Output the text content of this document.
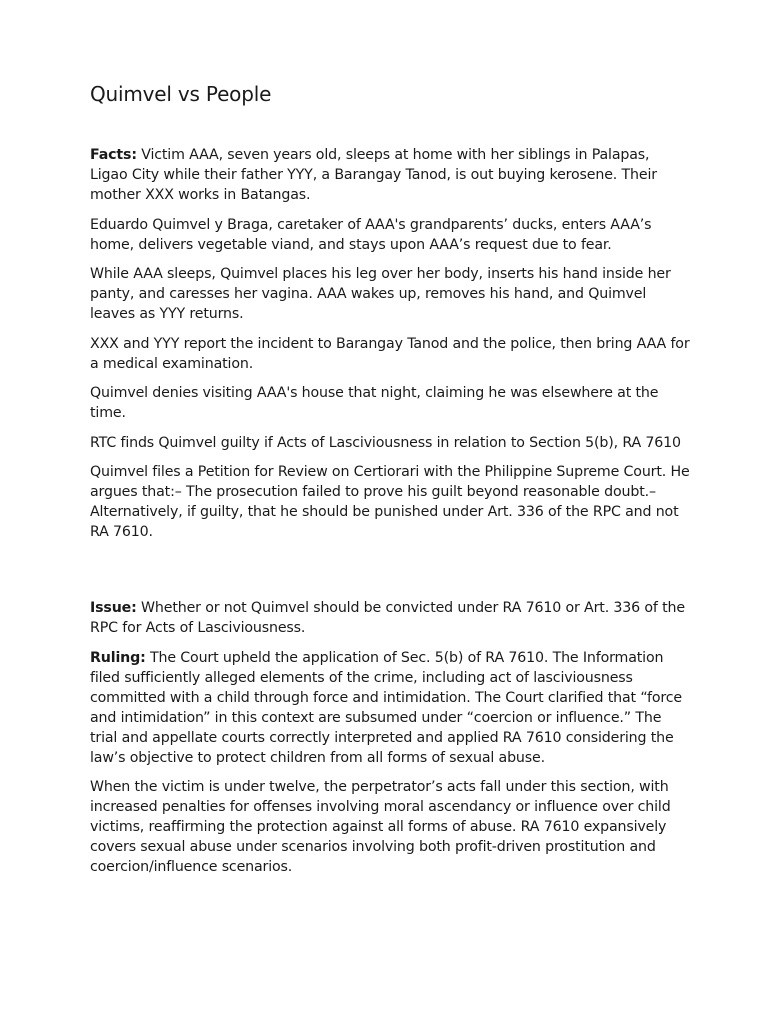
Quimvel vs People

Facts: Victim AAA, seven years old, sleeps at home with her siblings in Palapas, Ligao City while their father YYY, a Barangay Tanod, is out buying kerosene. Their mother XXX works in Batangas.

Eduardo Quimvel y Braga, caretaker of AAA's grandparents’ ducks, enters AAA’s home, delivers vegetable viand, and stays upon AAA’s request due to fear.

While AAA sleeps, Quimvel places his leg over her body, inserts his hand inside her panty, and caresses her vagina. AAA wakes up, removes his hand, and Quimvel leaves as YYY returns.

XXX and YYY report the incident to Barangay Tanod and the police, then bring AAA for a medical examination.

Quimvel denies visiting AAA's house that night, claiming he was elsewhere at the time.

RTC finds Quimvel guilty if Acts of Lasciviousness in relation to Section 5(b), RA 7610

Quimvel files a Petition for Review on Certiorari with the Philippine Supreme Court. He argues that:– The prosecution failed to prove his guilt beyond reasonable doubt.– Alternatively, if guilty, that he should be punished under Art. 336 of the RPC and not RA 7610.

Issue: Whether or not Quimvel should be convicted under RA 7610 or Art. 336 of the RPC for Acts of Lasciviousness.

Ruling: The Court upheld the application of Sec. 5(b) of RA 7610. The Information filed sufficiently alleged elements of the crime, including act of lasciviousness committed with a child through force and intimidation. The Court clarified that “force and intimidation” in this context are subsumed under “coercion or influence.” The trial and appellate courts correctly interpreted and applied RA 7610 considering the law’s objective to protect children from all forms of sexual abuse.

When the victim is under twelve, the perpetrator’s acts fall under this section, with increased penalties for offenses involving moral ascendancy or influence over child victims, reaffirming the protection against all forms of abuse. RA 7610 expansively covers sexual abuse under scenarios involving both profit-driven prostitution and coercion/influence scenarios.
